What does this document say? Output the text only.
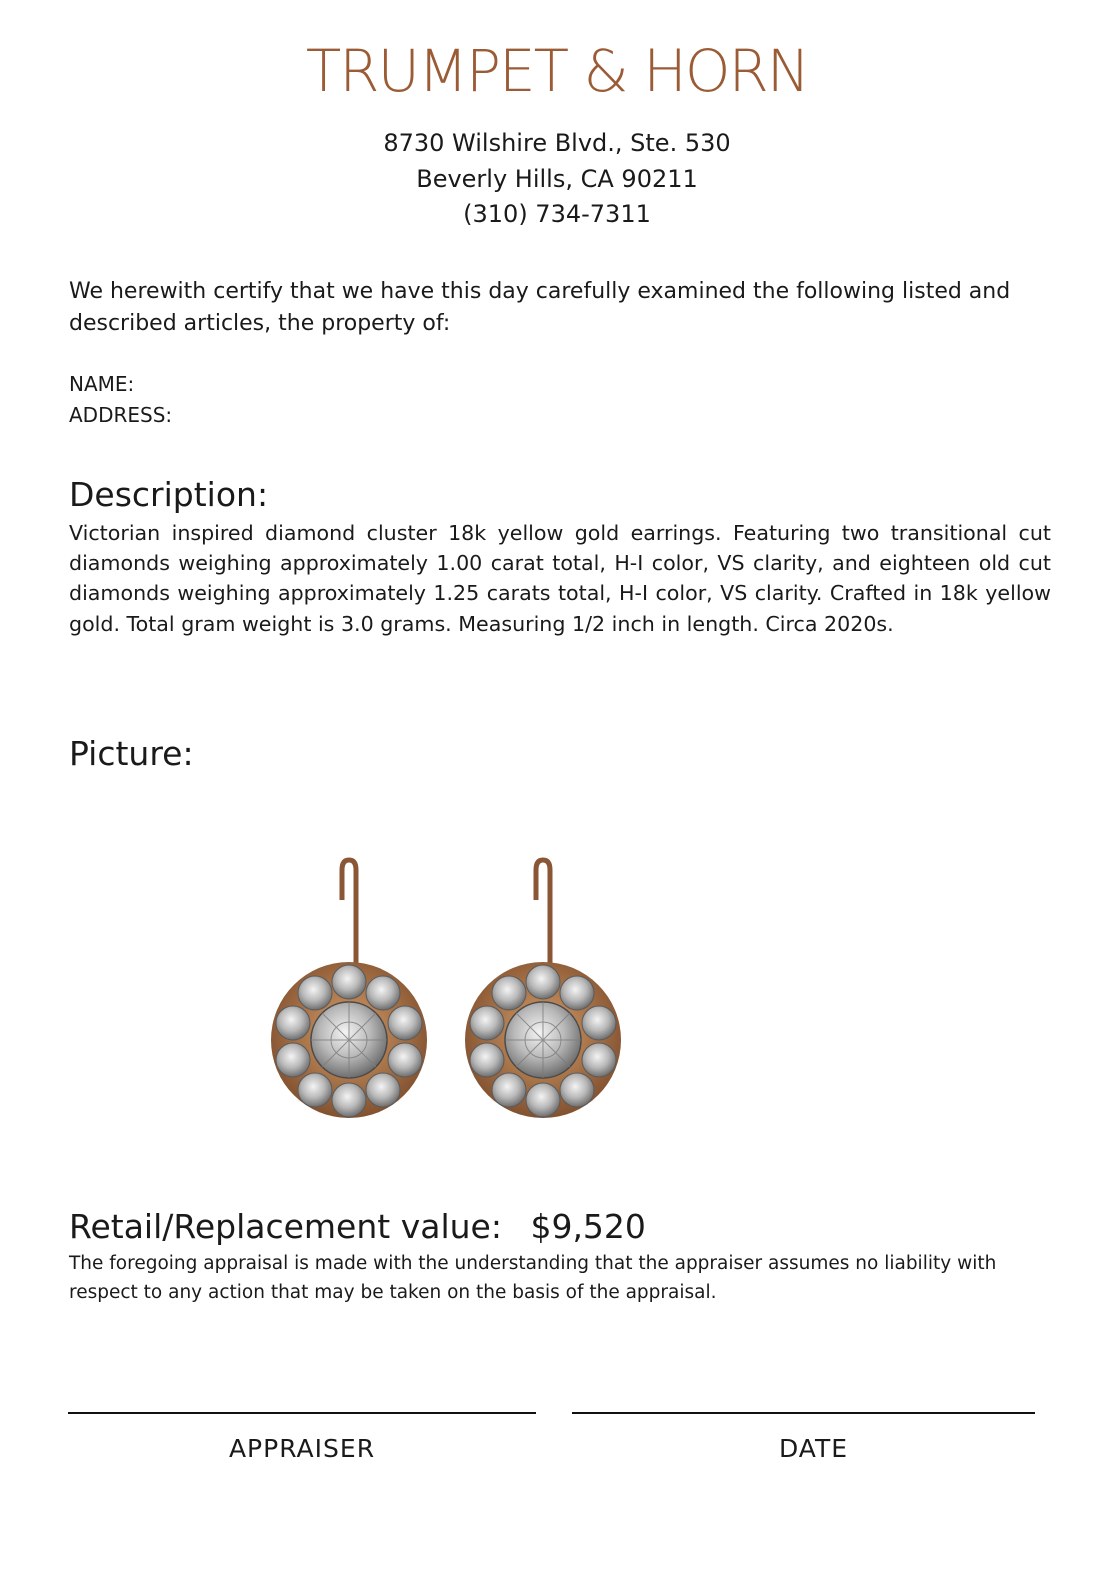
TRUMPET & HORN
8730 Wilshire Blvd., Ste. 530
Beverly Hills, CA 90211
(310) 734-7311
We herewith certify that we have this day carefully examined the following listed and described articles, the property of:
NAME:
ADDRESS:
Description:
Victorian inspired diamond cluster 18k yellow gold earrings. Featuring two transitional cut diamonds weighing approximately 1.00 carat total, H-I color, VS clarity, and eighteen old cut diamonds weighing approximately 1.25 carats total, H-I color, VS clarity. Crafted in 18k yellow gold. Total gram weight is 3.0 grams. Measuring 1/2 inch in length. Circa 2020s.
Picture:
Retail/Replacement value: $9,520
The foregoing appraisal is made with the understanding that the appraiser assumes no liability with respect to any action that may be taken on the basis of the appraisal.
APPRAISER	DATE
